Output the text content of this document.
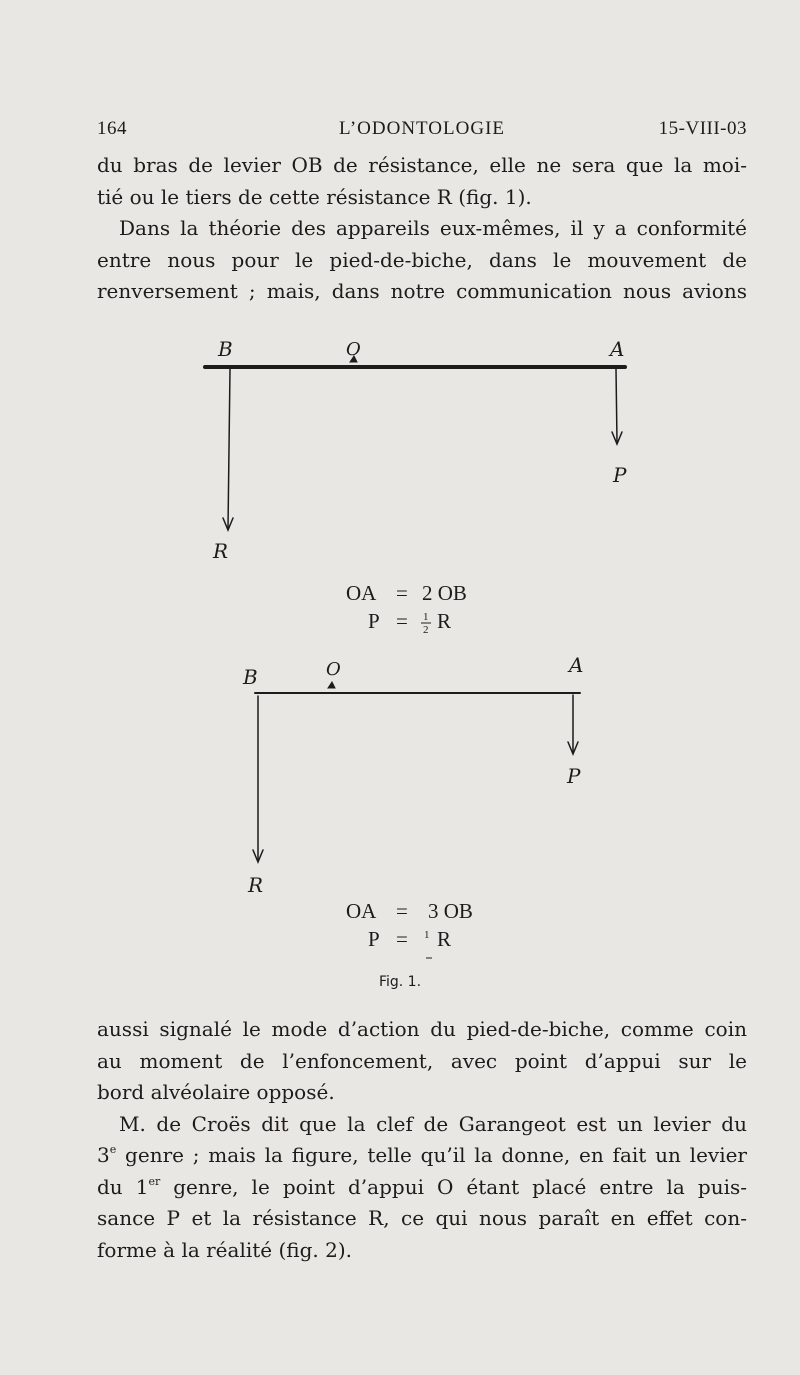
164	L’ODONTOLOGIE	15-VIII-03
du bras de levier OB de résistance, elle ne sera que la moi-
tié ou le tiers de cette résistance R (fig. 1).
Dans la théorie des appareils eux-mêmes, il y a conformité
entre nous pour le pied-de-biche, dans le mouvement de
renversement ; mais, dans notre communication nous avions
B	O	A
P
R
B	O	A
P
R
OA = 2 OB
P = 1
2 R
OA = 3 OB
P = 1 R
Fig. 1.
aussi signalé le mode d’action du pied-de-biche, comme coin
au moment de l’enfoncement, avec point d’appui sur le
bord alvéolaire opposé.
M. de Croës dit que la clef de Garangeot est un levier du
3e genre ; mais la figure, telle qu’il la donne, en fait un levier
du 1er genre, le point d’appui O étant placé entre la puis-
sance P et la résistance R, ce qui nous paraît en effet con-
forme à la réalité (fig. 2).
